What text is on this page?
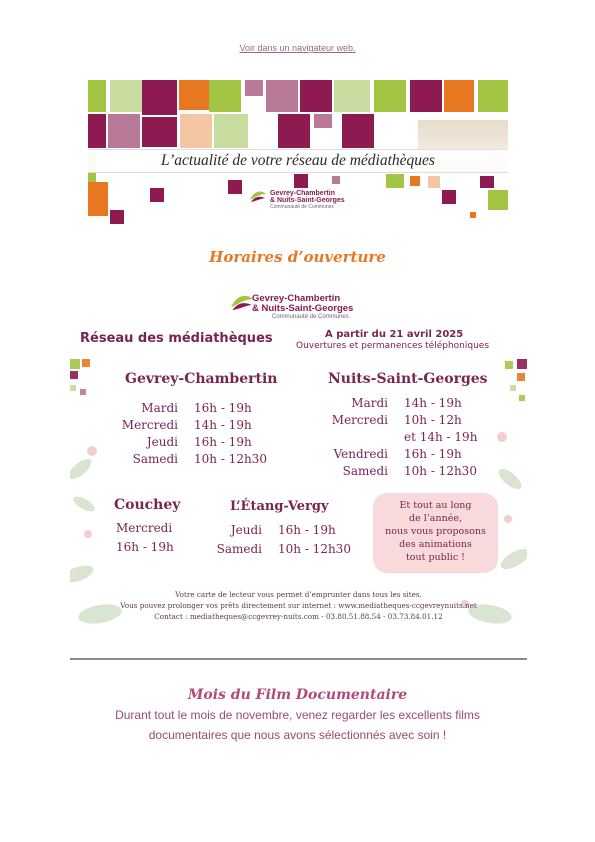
Voir dans un navigateur web.
L’actualité de votre réseau de médiathèques
Gevrey-Chambertin
& Nuits-Saint-Georges
Communauté de Communes
Horaires d’ouverture
Gevrey-Chambertin
& Nuits-Saint-Georges
Communauté de Communes
Réseau des médiathèques	À partir du 21 avril 2025
Ouvertures et permanences téléphoniques
Gevrey-Chambertin
Mardi 16h - 19h
Mercredi 14h - 19h
Jeudi 16h - 19h
Samedi 10h - 12h30
Nuits-Saint-Georges
Mardi 14h - 19h
Mercredi 10h - 12h
et 14h - 19h
Vendredi 16h - 19h
Samedi 10h - 12h30
Couchey
Mercredi
16h - 19h
L’Étang-Vergy
Jeudi 16h - 19h
Samedi 10h - 12h30
Et tout au long
de l’année,
nous vous proposons
des animations
tout public !
Votre carte de lecteur vous permet d’emprunter dans tous les sites.
Vous pouvez prolonger vos prêts directement sur internet : www.mediatheques-ccgevreynuits.net
Contact : mediatheques@ccgevrey-nuits.com - 03.80.51.88.54 - 03.73.84.01.12
Mois du Film Documentaire
Durant tout le mois de novembre, venez regarder les excellents films
documentaires que nous avons sélectionnés avec soin !
